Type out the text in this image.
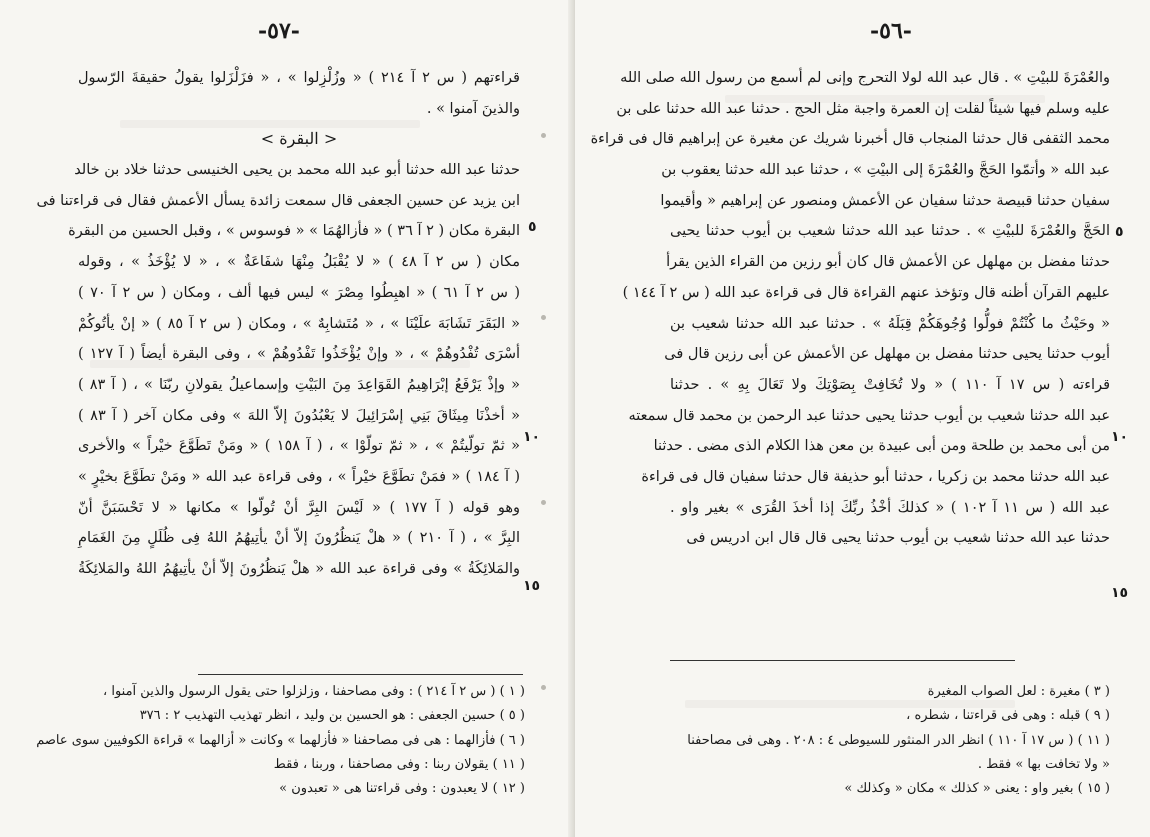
-٥٧-
قراءتهم ( س ٢ آ ٢١٤ ) « وزُلْزِلوا » ، « فزَلْزَلوا يقولُ حقيقةَ الرّسول
والذينَ آمنوا » .
< البقرة >
حدثنا عبد الله حدثنا أبو عبد الله محمد بن يحيى الخنيسى حدثنا خلاد بن خالد
ابن يزيد عن حسين الجعفى قال سمعت زائدة يسأل الأعمش فقال فى قراءتنا فى
البقرة مكان ( ٢ آ ٣٦ ) « فأزالهُمَا » « فوسوس » ، وقبل الحسين من البقرة
مكان ( س ٢ آ ٤٨ ) « لا يُقْبَلُ مِنْهَا شفَاعَةٌ » ، « لا يُؤْخَذُ » ، وقوله
( س ٢ آ ٦١ ) « اهبِطُوا مِصْرَ » ليس فيها ألف ، ومكان ( س ٢ آ ٧٠ )
« البَقَرَ تَشَابَهَ علَيْنَا » ، « مُتَشابِهٌ » ، ومكان ( س ٢ آ ٨٥ ) « إنْ يأتُوكُمْ
أسْرَى تُفْدُوهُمْ » ، « وإنْ يُؤْخَذُوا تَفْدُوهُمْ » ، وفى البقرة أيضاً ( آ ١٢٧ )
« وإذْ يَرْفَعُ إبْرَاهِيمُ القَوَاعِدَ مِنَ البَيْتِ وإسماعيلُ يقولانِ ربّنَا » ، ( آ ٨٣ )
« أخذْنَا مِيثَاقَ بَنِي إسْرَائِيلَ لا يَعْبُدُونَ إلاّ اللهَ » وفى مكان آخر ( آ ٨٣ )
« ثمّ تولّيتُمْ » ، « ثمّ تولّوْا » ، ( آ ١٥٨ ) « ومَنْ تَطَوَّعَ خيْراً » والأخرى
( آ ١٨٤ ) « فمَنْ تطَوَّعَ خيْراً » ، وفى قراءة عبد الله « ومَنْ تطَوَّعَ بخيْرٍ »
وهو قوله ( آ ١٧٧ ) « لَيْسَ البِرَّ أنْ تُولّوا » مكانها « لا تَحْسَبَنَّ أنّ
البِرَّ » ، ( آ ٢١٠ ) « هلْ يَنظُرُونَ إلاّ أنْ يأتِيهُمُ اللهُ فِى ظُلَلٍ مِنَ الغَمَامِ
والمَلائِكَةُ » وفى قراءة عبد الله « هلْ يَنظُرُونَ إلاّ أنْ يأتِيهُمُ اللهُ والمَلائِكَةُ
٥
١٠
١٥
( ١ ) ( س ٢ آ ٢١٤ ) : وفى مصاحفنا ، وزلزلوا حتى يقول الرسول والذين آمنوا ،
( ٥ ) حسين الجعفى : هو الحسين بن وليد ، انظر تهذيب التهذيب ٢ : ٣٧٦
( ٦ ) فأزالهما : هى فى مصاحفنا « فأزلهما » وكانت « أزالهما » قراءة الكوفيين سوى عاصم
( ١١ ) يقولان ربنا : وفى مصاحفنا ، وربنا ، فقط
( ١٢ ) لا يعبدون : وفى قراءتنا هى « تعبدون »
-٥٦-
والعُمْرَةَ للبيْتِ » . قال عبد الله لولا التحرج وإنى لم أسمع من رسول الله صلى الله
عليه وسلم فيها شيئاً لقلت إن العمرة واجبة مثل الحج . حدثنا عبد الله حدثنا على بن
محمد الثقفى قال حدثنا المنجاب قال أخبرنا شريك عن مغيرة عن إبراهيم قال فى قراءة
عبد الله « وأتمّوا الحَجَّ والعُمْرَةَ إلى البيْتِ » ، حدثنا عبد الله حدثنا يعقوب بن
سفيان حدثنا قبيصة حدثنا سفيان عن الأعمش ومنصور عن إبراهيم « وأقيموا
الحَجَّ والعُمْرَةَ للبيْتِ » . حدثنا عبد الله حدثنا شعيب بن أيوب حدثنا يحيى
حدثنا مفضل بن مهلهل عن الأعمش قال كان أبو رزين من القراء الذين يقرأ
عليهم القرآن أظنه قال وتؤخذ عنهم القراءة قال فى قراءة عبد الله ( س ٢ آ ١٤٤ )
« وحَيْثُ ما كُنْتُمْ فولُّوا وُجُوهَكُمْ قِبَلَهُ » . حدثنا عبد الله حدثنا شعيب بن
أيوب حدثنا يحيى حدثنا مفضل بن مهلهل عن الأعمش عن أبى رزين قال فى
قراءته ( س ١٧ آ ١١٠ ) « ولا تُخَافِتْ بِصَوْتِكَ ولا تَعَالَ بِهِ » . حدثنا
عبد الله حدثنا شعيب بن أيوب حدثنا يحيى حدثنا عبد الرحمن بن محمد قال سمعته
من أبى محمد بن طلحة ومن أبى عبيدة بن معن هذا الكلام الذى مضى . حدثنا
عبد الله حدثنا محمد بن زكريا ، حدثنا أبو حذيفة قال حدثنا سفيان قال فى قراءة
عبد الله ( س ١١ آ ١٠٢ ) « كذلكَ أخْذُ ربِّكَ إذا أخذَ القُرَى » بغير واو .
حدثنا عبد الله حدثنا شعيب بن أيوب حدثنا يحيى قال قال ابن ادريس فى
٥
١٠
١٥
( ٣ ) مغيرة : لعل الصواب المغيرة
( ٩ ) قبله : وهى فى قراءتنا ، شطره ،
( ١١ ) ( س ١٧ آ ١١٠ ) انظر الدر المنثور للسيوطى ٤ : ٢٠٨ . وهى فى مصاحفنا
« ولا تخافت بها » فقط .
( ١٥ ) بغير واو : يعنى « كذلك » مكان « وكذلك »
